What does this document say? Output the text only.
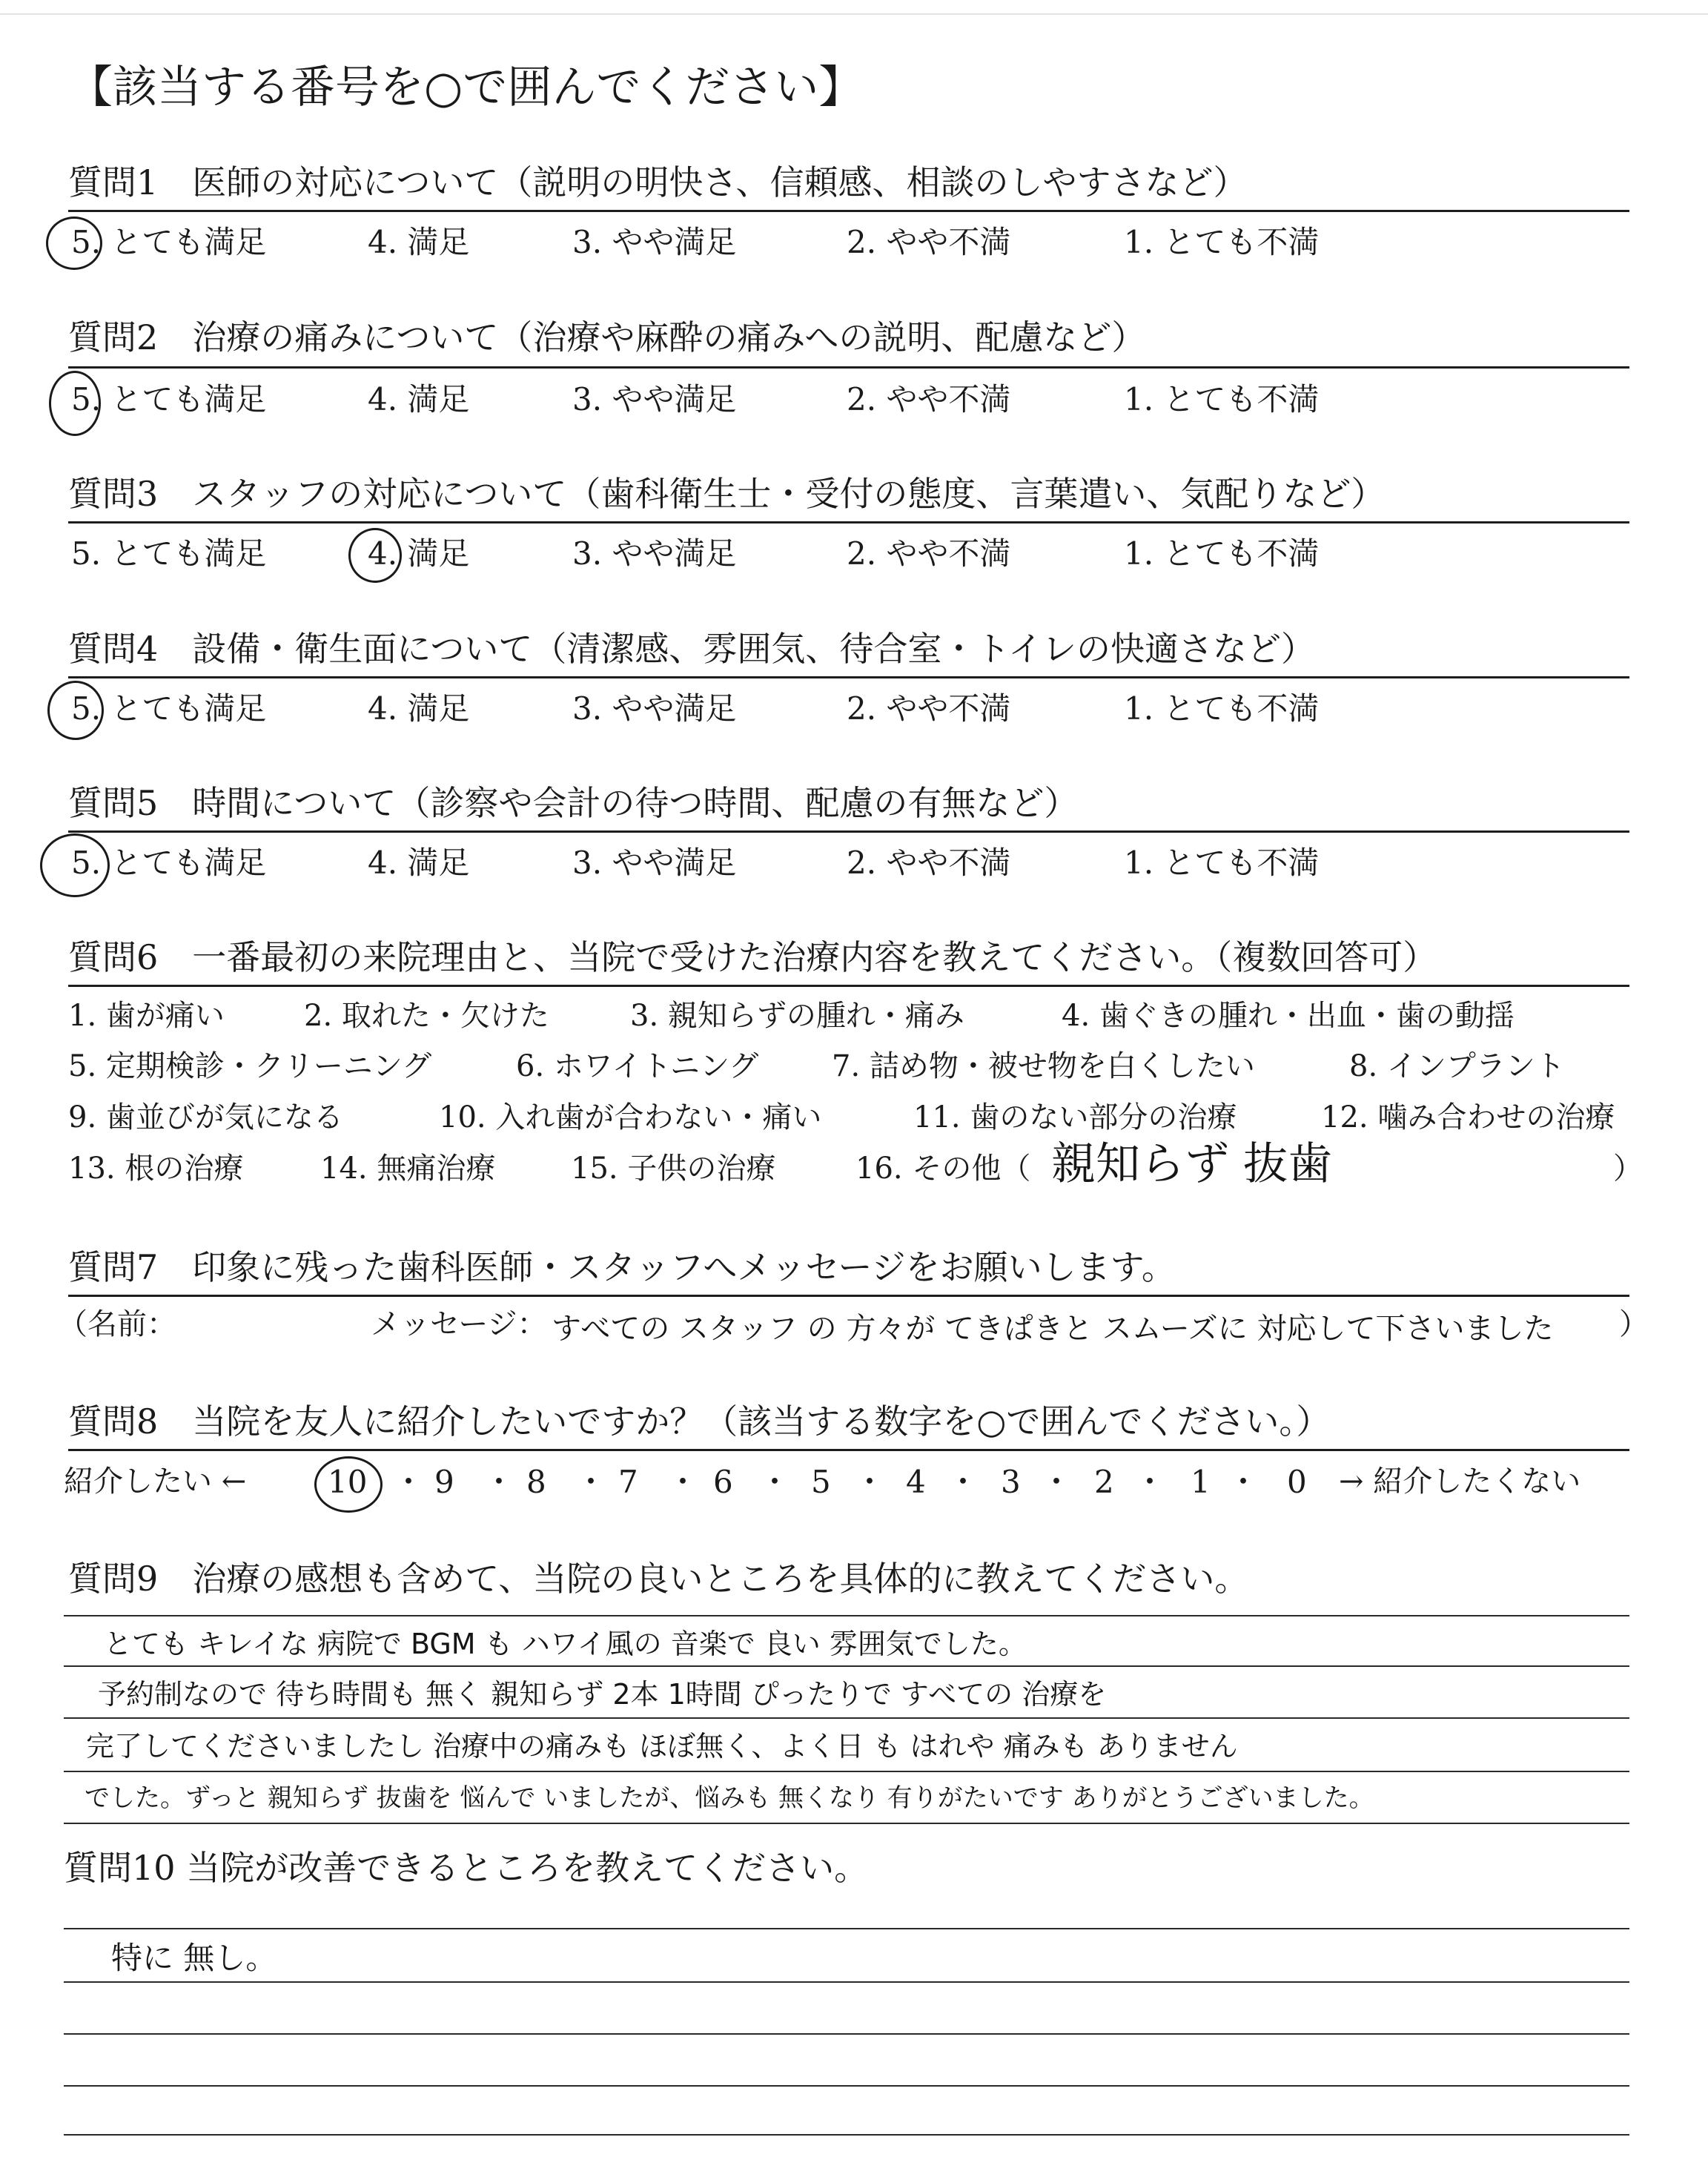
【該当する番号を○で囲んでください】
質問1　医師の対応について（説明の明快さ、信頼感、相談のしやすさなど）
5. とても満足	4. 満足	3. やや満足	2. やや不満	1. とても不満
質問2　治療の痛みについて（治療や麻酔の痛みへの説明、配慮など）
5. とても満足	4. 満足	3. やや満足	2. やや不満	1. とても不満
質問3　スタッフの対応について（歯科衛生士・受付の態度、言葉遣い、気配りなど）
5. とても満足	4. 満足	3. やや満足	2. やや不満	1. とても不満
質問4　設備・衛生面について（清潔感、雰囲気、待合室・トイレの快適さなど）
5. とても満足	4. 満足	3. やや満足	2. やや不満	1. とても不満
質問5　時間について（診察や会計の待つ時間、配慮の有無など）
5. とても満足	4. 満足	3. やや満足	2. やや不満	1. とても不満
質問6　一番最初の来院理由と、当院で受けた治療内容を教えてください。（複数回答可）
1. 歯が痛い	2. 取れた・欠けた	3. 親知らずの腫れ・痛み	4. 歯ぐきの腫れ・出血・歯の動揺
5. 定期検診・クリーニング	6. ホワイトニング 7. 詰め物・被せ物を白くしたい	8. インプラント
9. 歯並びが気になる	10. 入れ歯が合わない・痛い	11. 歯のない部分の治療	12. 噛み合わせの治療
13. 根の治療	14. 無痛治療	15. 子供の治療	16. その他（ 親知らず 抜歯	）
質問7　印象に残った歯科医師・スタッフへメッセージをお願いします。
（名前：	メッセージ： すべての スタッフ の 方々が てきぱきと スムーズに 対応して下さいました ）
質問8　当院を友人に紹介したいですか？（該当する数字を○で囲んでください。）
紹介したい ←	10 ・ 9 ・ 8 ・ 7 ・ 6 ・ 5 ・ 4 ・ 3 ・ 2 ・ 1 ・ 0 → 紹介したくない
質問9　治療の感想も含めて、当院の良いところを具体的に教えてください。
とても キレイな 病院で BGM も ハワイ風の 音楽で 良い 雰囲気でした。
予約制なので 待ち時間も 無く 親知らず 2本 1時間 ぴったりで すべての 治療を
完了してくださいましたし 治療中の痛みも ほぼ無く、よく日 も はれや 痛みも ありません
でした。ずっと 親知らず 抜歯を 悩んで いましたが、悩みも 無くなり 有りがたいです ありがとうございました。
質問10 当院が改善できるところを教えてください。
特に 無し。
